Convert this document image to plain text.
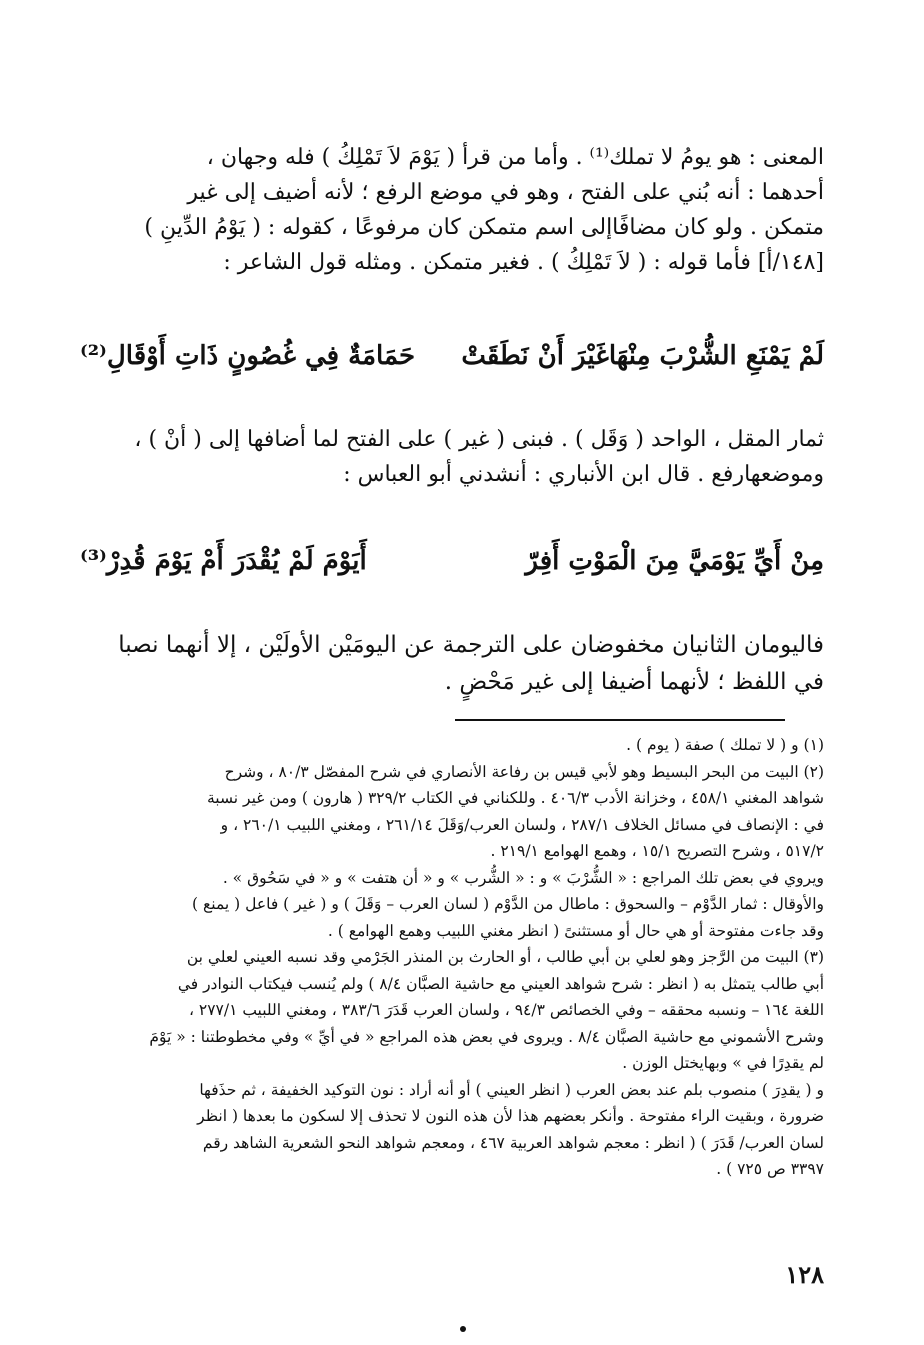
المعنى : هو يومُ لا تملك⁽¹⁾ . وأما من قرأ ( يَوْمَ لاَ تَمْلِكُ ) فله وجهان ،
أحدهما : أنه بُني على الفتح ، وهو في موضع الرفع ؛ لأنه أضيف إلى غير
متمكن . ولو كان مضافًاإلى اسم متمكن كان مرفوعًا ، كقوله : ( يَوْمُ الدِّينِ )
[١٤٨/أ] فأما قوله : ( لاَ تَمْلِكُ ) . فغير متمكن . ومثله قول الشاعر :
لَمْ يَمْنَعِ الشُّرْبَ مِنْهَاغَيْرَ أَنْ نَطَقَتْ
حَمَامَةٌ فِي غُصُونٍ ذَاتِ أَوْقَالِ⁽²⁾
ثمار المقل ، الواحد ( وَقَل ) . فبنى ( غير ) على الفتح لما أضافها إلى ( أنْ ) ،
وموضعهارفع . قال ابن الأنباري : أنشدني أبو العباس :
مِنْ أَيِّ يَوْمَيَّ مِنَ الْمَوْتِ أَفِرّ
أَيَوْمَ لَمْ يُقْدَرَ أَمْ يَوْمَ قُدِرْ⁽³⁾
فاليومان الثانيان مخفوضان على الترجمة عن اليومَيْن الأولَيْن ، إلا أنهما نصبا
في اللفظ ؛ لأنهما أضيفا إلى غير مَحْضٍ .
(١) و ( لا تملك ) صفة ( يوم ) .
(٢) البيت من البحر البسيط وهو لأبي قيس بن رفاعة الأنصاري في شرح المفصّل ٨٠/٣ ، وشرح
شواهد المغني ٤٥٨/١ ، وخزانة الأدب ٤٠٦/٣ . وللكناني في الكتاب ٣٢٩/٢ ( هارون ) ومن غير نسبة
في : الإنصاف في مسائل الخلاف ٢٨٧/١ ، ولسان العرب/وَقَلَ ٢٦١/١٤ ، ومغني اللبيب ٢٦٠/١ ، و
٥١٧/٢ ، وشرح التصريح ١٥/١ ، وهمع الهوامع ٢١٩/١ .
ويروي في بعض تلك المراجع : « الشُّرْبَ » و : « الشُّرب » و « أن هتفت » و « في سَحُوق » .
والأوقال : ثمار الدَّوْم – والسحوق : ماطال من الدَّوْم ( لسان العرب – وَقَلَ ) و ( غير ) فاعل ( يمنع )
وقد جاءت مفتوحة أو هي حال أو مستثنىً ( انظر مغني اللبيب وهمع الهوامع ) .
(٣) البيت من الرَّجز وهو لعلي بن أبي طالب ، أو الحارث بن المنذر الجَرْمي وقد نسبه العيني لعلي بن
أبي طالب يتمثل به ( انظر : شرح شواهد العيني مع حاشية الصبَّان ٨/٤ ) ولم يُنسب فيكتاب النوادر في
اللغة ١٦٤ – ونسبه محققه – وفي الخصائص ٩٤/٣ ، ولسان العرب قَدَرَ ٣٨٣/٦ ، ومغني اللبيب ٢٧٧/١ ،
وشرح الأشموني مع حاشية الصبَّان ٨/٤ . ويروى في بعض هذه المراجع « في أيِّ » وفي مخطوطتنا : « يَوْمَ
لم يقدِرًا في » وبهايختل الوزن .
و ( يقدِرَ ) منصوب بلم عند بعض العرب ( انظر العيني ) أو أنه أراد : نون التوكيد الخفيفة ، ثم حذَفها
ضرورة ، وبقيت الراء مفتوحة . وأنكر بعضهم هذا لأن هذه النون لا تحذف إلا لسكون ما بعدها ( انظر
لسان العرب/ قَدَرَ ) ( انظر : معجم شواهد العربية ٤٦٧ ، ومعجم شواهد النحو الشعرية الشاهد رقم
٣٣٩٧ ص ٧٢٥ ) .
١٢٨
